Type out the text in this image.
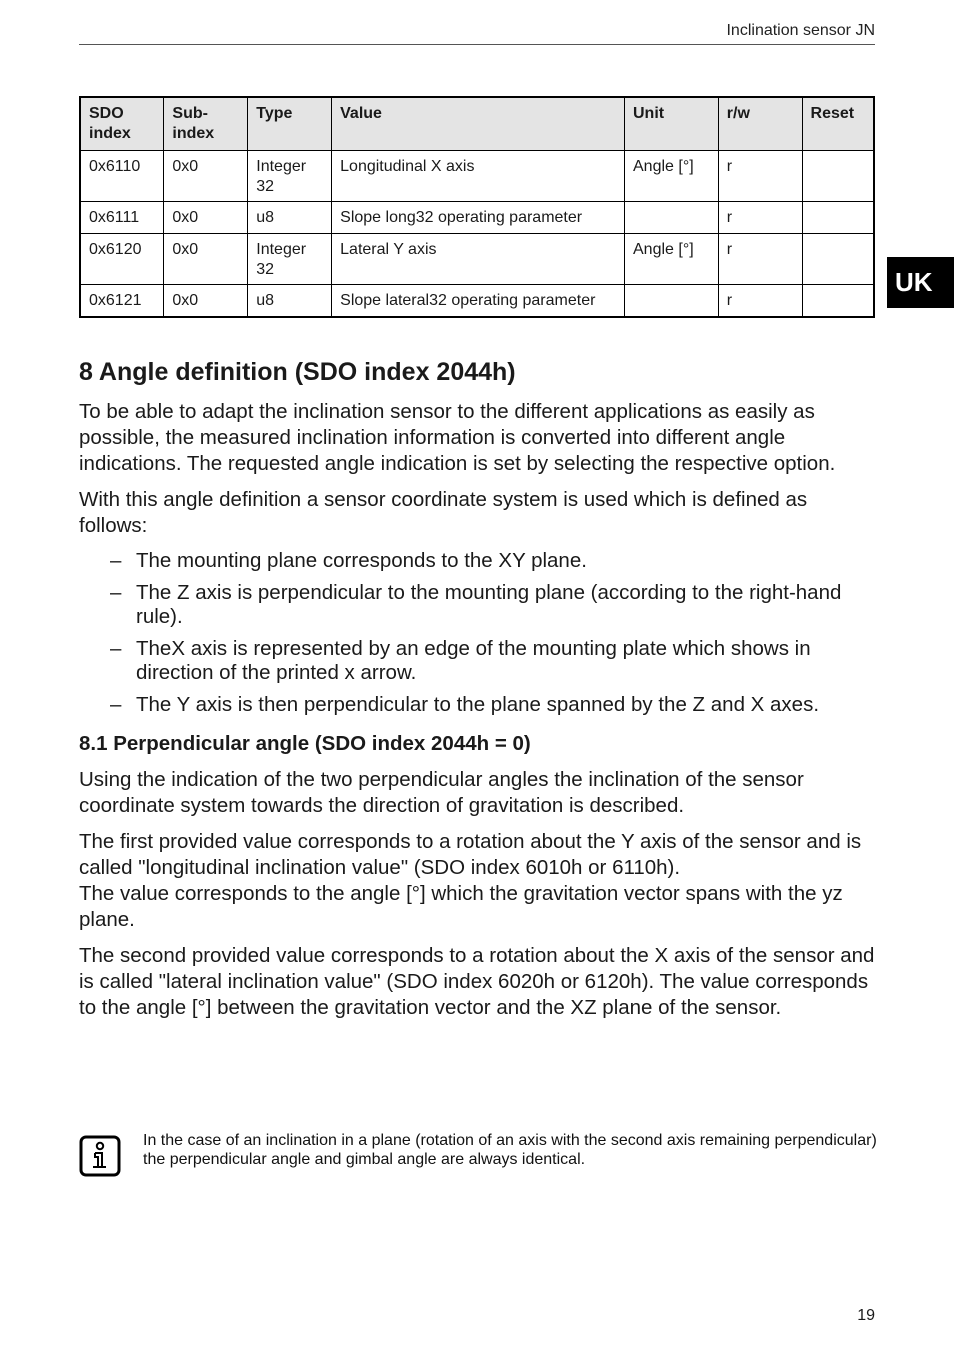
Inclination sensor JN
UK
SDO index	Sub-index	Type	Value	Unit	r/w	Reset
0x6110	0x0	Integer 32	Longitudinal X axis	Angle [°]	r	
0x6111	0x0	u8	Slope long32 operating parameter		r	
0x6120	0x0	Integer 32	Lateral Y axis	Angle [°]	r	
0x6121	0x0	u8	Slope lateral32 operating parameter		r	
8 Angle definition (SDO index 2044h)

To be able to adapt the inclination sensor to the different applications as easily as possible, the measured inclination information is converted into different angle indications. The requested angle indication is set by selecting the respective option.

With this angle definition a sensor coordinate system is used which is defined as follows:

– The mounting plane corresponds to the XY plane.
– The Z axis is perpendicular to the mounting plane (according to the right-hand rule).
– TheX axis is represented by an edge of the mounting plate which shows in direction of the printed x arrow.
– The Y axis is then perpendicular to the plane spanned by the Z and X axes.
8.1 Perpendicular angle (SDO index 2044h = 0)

Using the indication of the two perpendicular angles the inclination of the sensor coordinate system towards the direction of gravitation is described.

The first provided value corresponds to a rotation about the Y axis of the sensor and is called "longitudinal inclination value" (SDO index 6010h or 6110h).
The value corresponds to the angle [°] which the gravitation vector spans with the yz plane.

The second provided value corresponds to a rotation about the X axis of the sensor and is called "lateral inclination value" (SDO index 6020h or 6120h). The value corresponds to the angle [°] between the gravitation vector and the XZ plane of the sensor.

In the case of an inclination in a plane (rotation of an axis with the second axis remaining perpendicular) the perpendicular angle and gimbal angle are always identical.
19
